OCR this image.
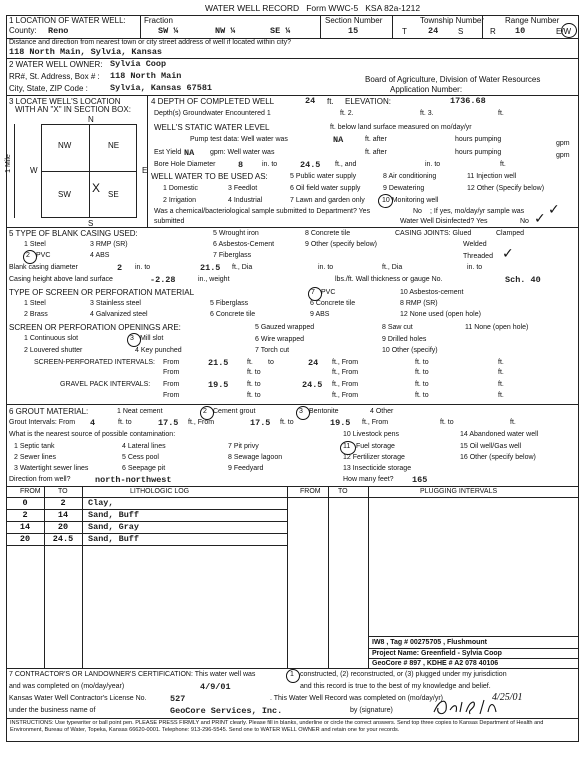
WATER WELL RECORD Form WWC-5 KSA 82a-1212
1 LOCATION OF WATER WELL:
County: Reno
Fraction
SW ¼	NW ¼	SE ¼
Section Number
15
Township Number
T 24 S
Range Number
R 10	E/W
Distance and direction from nearest town or city street address of well if located within city?
118 North Main, Sylvia, Kansas
2 WATER WELL OWNER: Sylvia Coop
RR#, St. Address, Box # : 118 North Main
City, State, ZIP Code :	Sylvia, Kansas 67581
Board of Agriculture, Division of Water Resources
Application Number:
3 LOCATE WELL'S LOCATION
WITH AN "X" IN SECTION BOX:
N
S
W	E
NW	NE
SW	SE
X
1 Mile
4 DEPTH OF COMPLETED WELL	24 ft. ELEVATION:	1736.68
Depth(s) Groundwater Encountered 1	ft. 2.	ft. 3.	ft.
WELL'S STATIC WATER LEVEL	ft. below land surface measured on mo/day/yr
Pump test data: Well water was	NA	ft. after	hours pumping
gpm
Est Yield NA gpm: Well water was	ft. after	hours pumping	gpm
Bore Hole Diameter	8	in. to	24.5 ft., and	in. to	ft.
WELL WATER TO BE USED AS:	5 Public water supply	8 Air conditioning	11 Injection well
1 Domestic	3 Feedlot	6 Oil field water supply	9 Dewatering	12 Other (Specify below)
2 Irrigation	4 Industrial	7 Lawn and garden only 10 Monitoring well
Was a chemical/bacteriological sample submitted to Department? Yes	No ; If yes, mo/day/yr sample was ✓
submitted	Water Well Disinfected? Yes	No ✓
5 TYPE OF BLANK CASING USED:	5 Wrought iron	8 Concrete tile	CASING JOINTS: Glued	Clamped
1 Steel	3 RMP (SR)	6 Asbestos-Cement	9 Other (specify below)	Welded
2 PVC	4 ABS	7 Fiberglass	Threaded ✓
Blank casing diameter	2 in. to	21.5 ft., Dia	in. to	ft., Dia	in. to
Casing height above land surface	-2.28	in., weight	lbs./ft. Wall thickness or gauge No.	Sch. 40
TYPE OF SCREEN OR PERFORATION MATERIAL	7 PVC	10 Asbestos-cement
1 Steel	3 Stainless steel	5 Fiberglass	6 Concrete tile	8 RMP (SR)
2 Brass	4 Galvanized steel	6 Concrete tile	9 ABS	12 None used (open hole)
SCREEN OR PERFORATION OPENINGS ARE:
1 Continuous slot	3 Mill slot
5 Gauzed wrapped	8 Saw cut	11 None (open hole)
2 Louvered shutter	4 Key punched
6 Wire wrapped
7 Torch cut
9 Drilled holes
10 Other (specify)
SCREEN-PERFORATED INTERVALS: From	21.5	ft. to	24 ft., From	ft. to	ft.
From	ft. to	ft., From	ft. to	ft.
GRAVEL PACK INTERVALS: From	19.5	ft. to	24.5 ft., From	ft. to	ft.
From	ft. to	ft., From	ft. to	ft.
6 GROUT MATERIAL:	1 Neat cement	2 Cement grout	3 Bentonite	4 Other
Grout Intervals: From 4	ft. to	17.5 ft., From	17.5 ft. to	19.5 ft., From	ft. to	ft.
What is the nearest source of possible contamination:	10 Livestock pens	14 Abandoned water well
1 Septic tank	4 Lateral lines	7 Pit privy	11 Fuel storage	15 Oil well/Gas well
2 Sewer lines	5 Cess pool	8 Sewage lagoon	12 Fertilizer storage	16 Other (specify below)
3 Watertight sewer lines	6 Seepage pit	9 Feedyard	13 Insecticide storage
Direction from well?	north-northwest	How many feet? 165
FROM TO	LITHOLOGIC LOG	FROM TO	PLUGGING INTERVALS
0	2	Clay,
2	14	Sand, Buff
14	20	Sand, Gray
20	24.5	Sand, Buff
IW8 , Tag # 00275705 , Flushmount
Project Name: Greenfield - Sylvia Coop
GeoCore # 897 , KDHE # A2 078 40106
7 CONTRACTOR'S OR LANDOWNER'S CERTIFICATION: This water well was	1 constructed, (2) reconstructed, or (3) plugged under my jurisdiction
and was completed on (mo/day/year)	4/9/01	and this record is true to the best of my knowledge and belief.
Kansas Water Well Contractor's License No.	527	. This Water Well Record was completed on (mo/day/yr)	4/25/01
under the business name of	GeoCore Services, Inc.	by (signature)
INSTRUCTIONS: Use typewriter or ball point pen. PLEASE PRESS FIRMLY and PRINT clearly. Please fill in blanks, underline or circle the correct answers. Send top three copies to Kansas Department of Health and Environment, Bureau of Water, Topeka, Kansas 66620-0001. Telephone: 913-296-5545. Send one to WATER WELL OWNER and retain one for your records.
